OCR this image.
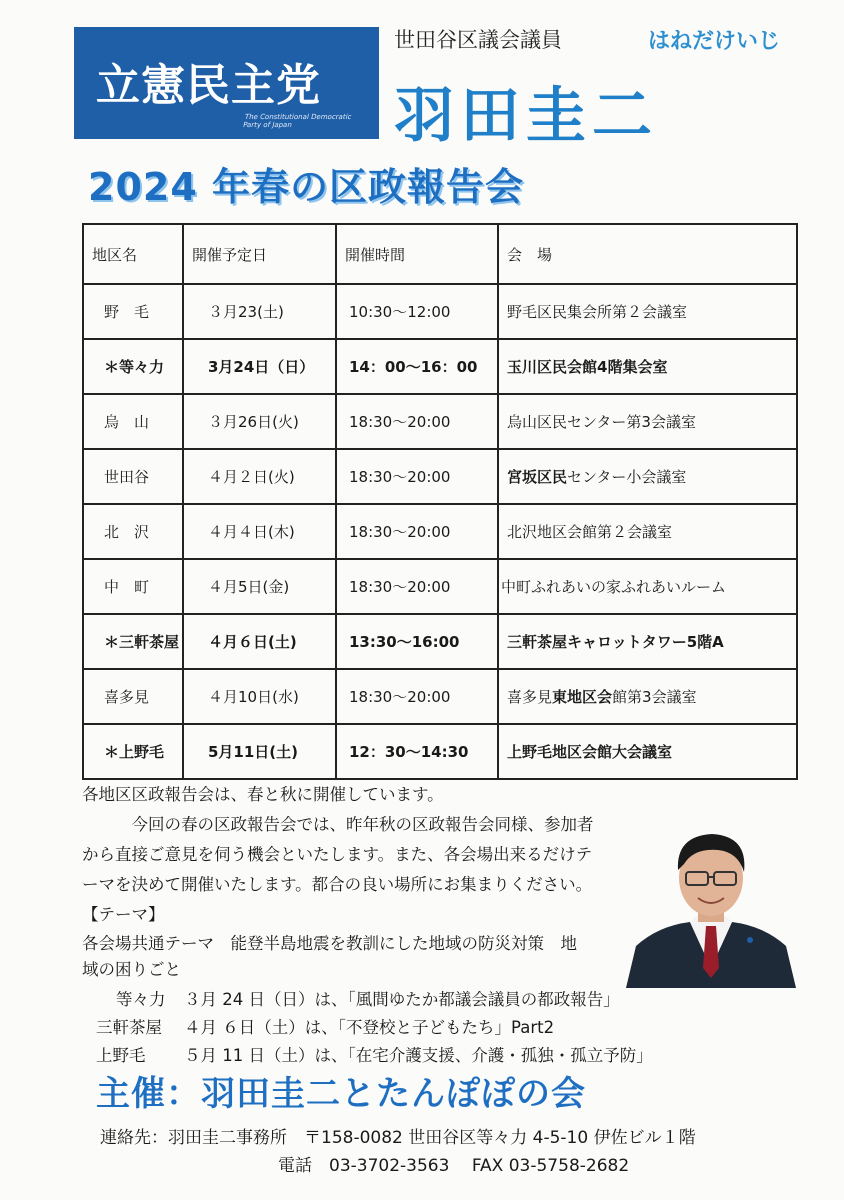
立憲民主党
The Constitutional Democratic Party of Japan
世田谷区議会議員	はねだけいじ
羽田圭二
2024 年春の区政報告会
地区名	開催予定日	開催時間	会　場
野　毛	３月23(土)	10:30～12:00	野毛区民集会所第２会議室
＊等々力	3月24日（日）	14：00～16：00	玉川区民会館4階集会室
烏　山	３月26日(火)	18:30～20:00	烏山区民センター第3会議室
世田谷	４月２日(火)	18:30～20:00	宮坂区民センター小会議室
北　沢	４月４日(木)	18:30～20:00	北沢地区会館第２会議室
中　町	４月5日(金)	18:30～20:00	中町ふれあいの家ふれあいルーム
＊三軒茶屋	４月６日(土)	13:30～16:00	三軒茶屋キャロットタワー5階A
喜多見	４月10日(水)	18:30～20:00	喜多見東地区会館第3会議室
＊上野毛	5月11日(土)	12：30～14:30	上野毛地区会館大会議室
各地区区政報告会は、春と秋に開催しています。
　　　今回の春の区政報告会では、昨年秋の区政報告会同様、参加者
から直接ご意見を伺う機会といたします。また、各会場出来るだけテ
ーマを決めて開催いたします。都合の良い場所にお集まりください。
【テーマ】
各会場共通テーマ　能登半島地震を教訓にした地域の防災対策　地
域の困りごと
等々力 ３月 24 日（日）は、「風間ゆたか都議会議員の都政報告」
三軒茶屋 ４月 ６日（土）は、「不登校と子どもたち」Part2
上野毛 ５月 11 日（土）は、「在宅介護支援、介護・孤独・孤立予防」
主催：羽田圭二とたんぽぽの会
連絡先：羽田圭二事務所　〒158-0082 世田谷区等々力 4-5-10 伊佐ビル１階
電話　03-3702-3563　 FAX 03-5758-2682
